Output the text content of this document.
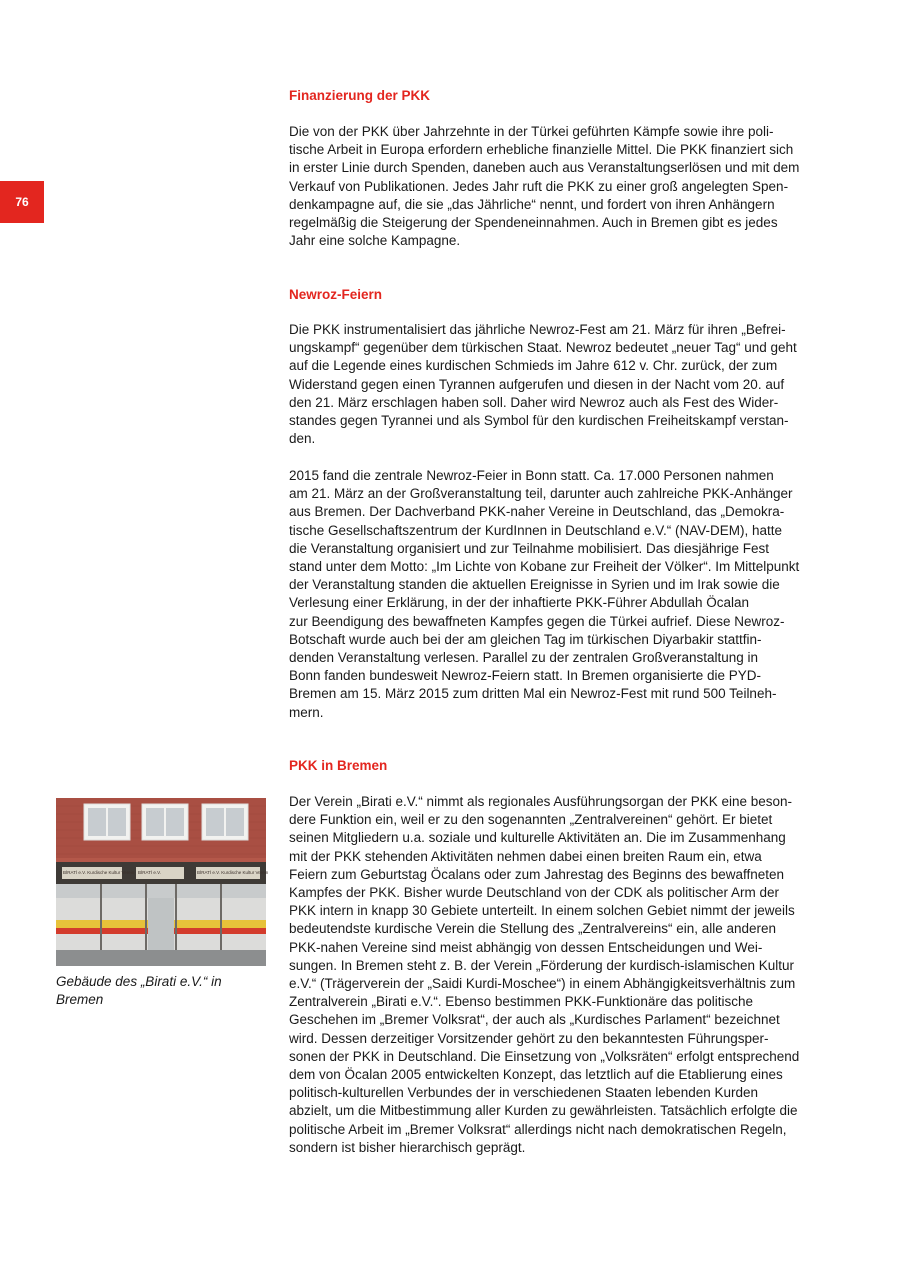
76
Finanzierung der PKK

Die von der PKK über Jahrzehnte in der Türkei geführten Kämpfe sowie ihre poli-
tische Arbeit in Europa erfordern erhebliche finanzielle Mittel. Die PKK finanziert sich
in erster Linie durch Spenden, daneben auch aus Veranstaltungserlösen und mit dem
Verkauf von Publikationen. Jedes Jahr ruft die PKK zu einer groß angelegten Spen-
denkampagne auf, die sie „das Jährliche“ nennt, und fordert von ihren Anhängern
regelmäßig die Steigerung der Spendeneinnahmen. Auch in Bremen gibt es jedes
Jahr eine solche Kampagne.

Newroz-Feiern

Die PKK instrumentalisiert das jährliche Newroz-Fest am 21. März für ihren „Befrei-
ungskampf“ gegenüber dem türkischen Staat. Newroz bedeutet „neuer Tag“ und geht
auf die Legende eines kurdischen Schmieds im Jahre 612 v. Chr. zurück, der zum
Widerstand gegen einen Tyrannen aufgerufen und diesen in der Nacht vom 20. auf
den 21. März erschlagen haben soll. Daher wird Newroz auch als Fest des Wider-
standes gegen Tyrannei und als Symbol für den kurdischen Freiheitskampf verstan-
den.

2015 fand die zentrale Newroz-Feier in Bonn statt. Ca. 17.000 Personen nahmen
am 21. März an der Großveranstaltung teil, darunter auch zahlreiche PKK-Anhänger
aus Bremen. Der Dachverband PKK-naher Vereine in Deutschland, das „Demokra-
tische Gesellschaftszentrum der KurdInnen in Deutschland e.V.“ (NAV-DEM), hatte
die Veranstaltung organisiert und zur Teilnahme mobilisiert. Das diesjährige Fest
stand unter dem Motto: „Im Lichte von Kobane zur Freiheit der Völker“. Im Mittelpunkt
der Veranstaltung standen die aktuellen Ereignisse in Syrien und im Irak sowie die
Verlesung einer Erklärung, in der der inhaftierte PKK-Führer Abdullah Öcalan
zur Beendigung des bewaffneten Kampfes gegen die Türkei aufrief. Diese Newroz-
Botschaft wurde auch bei der am gleichen Tag im türkischen Diyarbakir stattfin-
denden Veranstaltung verlesen. Parallel zu der zentralen Großveranstaltung in
Bonn fanden bundesweit Newroz-Feiern statt. In Bremen organisierte die PYD-
Bremen am 15. März 2015 zum dritten Mal ein Newroz-Fest mit rund 500 Teilneh-
mern.

PKK in Bremen

Der Verein „Birati e.V.“ nimmt als regionales Ausführungsorgan der PKK eine beson-
dere Funktion ein, weil er zu den sogenannten „Zentralvereinen“ gehört. Er bietet
seinen Mitgliedern u.a. soziale und kulturelle Aktivitäten an. Die im Zusammenhang
mit der PKK stehenden Aktivitäten nehmen dabei einen breiten Raum ein, etwa
Feiern zum Geburtstag Öcalans oder zum Jahrestag des Beginns des bewaffneten
Kampfes der PKK. Bisher wurde Deutschland von der CDK als politischer Arm der
PKK intern in knapp 30 Gebiete unterteilt. In einem solchen Gebiet nimmt der jeweils
bedeutendste kurdische Verein die Stellung des „Zentralvereins“ ein, alle anderen
PKK-nahen Vereine sind meist abhängig von dessen Entscheidungen und Wei-
sungen. In Bremen steht z. B. der Verein „Förderung der kurdisch-islamischen Kultur
e.V.“ (Trägerverein der „Saidi Kurdi-Moschee“) in einem Abhängigkeitsverhältnis zum
Zentralverein „Birati e.V.“. Ebenso bestimmen PKK-Funktionäre das politische
Geschehen im „Bremer Volksrat“, der auch als „Kurdisches Parlament“ bezeichnet
wird. Dessen derzeitiger Vorsitzender gehört zu den bekanntesten Führungsper-
sonen der PKK in Deutschland. Die Einsetzung von „Volksräten“ erfolgt entsprechend
dem von Öcalan 2005 entwickelten Konzept, das letztlich auf die Etablierung eines
politisch-kulturellen Verbundes der in verschiedenen Staaten lebenden Kurden
abzielt, um die Mitbestimmung aller Kurden zu gewährleisten. Tatsächlich erfolgte die
politische Arbeit im „Bremer Volksrat“ allerdings nicht nach demokratischen Regeln,
sondern ist bisher hierarchisch geprägt.

BİRATİ e.V. Kurdische Kultur Verein BİRATİ e.V.	BİRATİ e.V. Kurdische Kultur Verein

Gebäude des „Birati e.V.“ in
Bremen
